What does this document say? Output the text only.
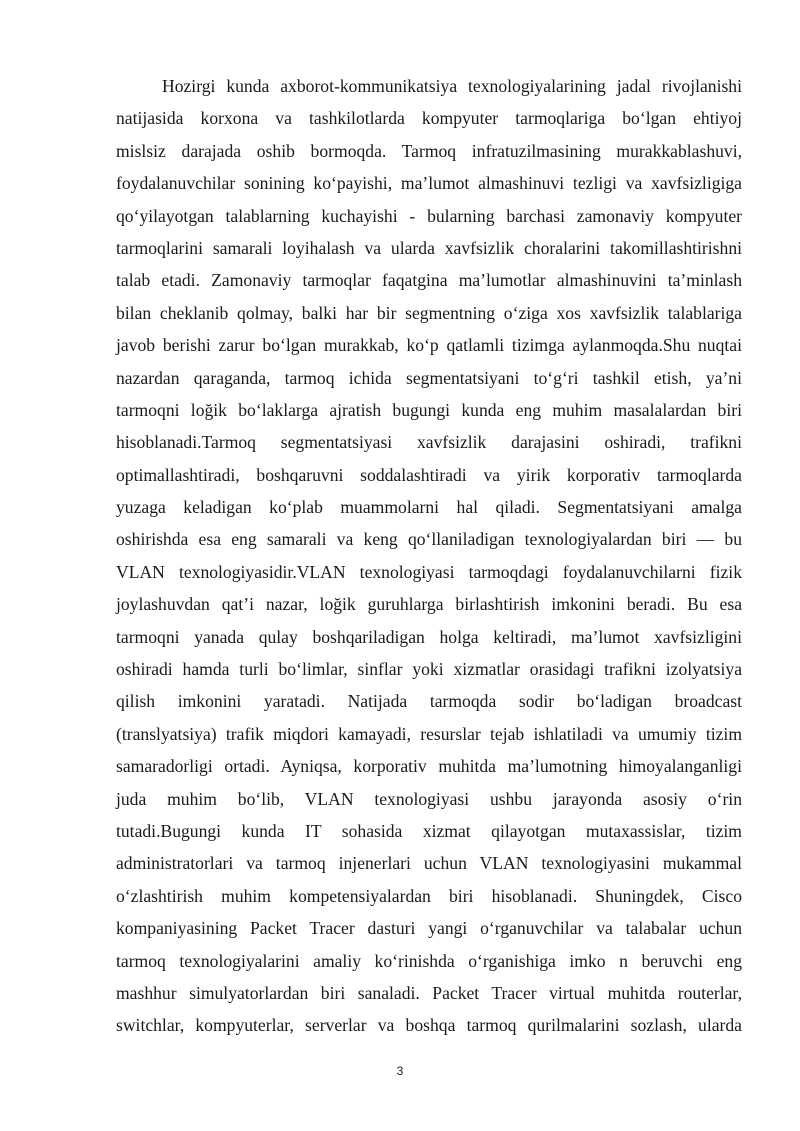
Hozirgi kunda axborot-kommunikatsiya texnologiyalarining jadal rivojlanishi
natijasida korxona va tashkilotlarda kompyuter tarmoqlariga bo‘lgan ehtiyoj
mislsiz darajada oshib bormoqda. Tarmoq infratuzilmasining murakkablashuvi,
foydalanuvchilar sonining ko‘payishi, ma’lumot almashinuvi tezligi va xavfsizligiga
qo‘yilayotgan talablarning kuchayishi - bularning barchasi zamonaviy kompyuter
tarmoqlarini samarali loyihalash va ularda xavfsizlik choralarini takomillashtirishni
talab etadi. Zamonaviy tarmoqlar faqatgina ma’lumotlar almashinuvini ta’minlash
bilan cheklanib qolmay, balki har bir segmentning o‘ziga xos xavfsizlik talablariga
javob berishi zarur bo‘lgan murakkab, ko‘p qatlamli tizimga aylanmoqda.Shu nuqtai
nazardan qaraganda, tarmoq ichida segmentatsiyani to‘g‘ri tashkil etish, ya’ni
tarmoqni loğik bo‘laklarga ajratish bugungi kunda eng muhim masalalardan biri
hisoblanadi.Tarmoq segmentatsiyasi xavfsizlik darajasini oshiradi, trafikni
optimallashtiradi, boshqaruvni soddalashtiradi va yirik korporativ tarmoqlarda
yuzaga keladigan ko‘plab muammolarni hal qiladi. Segmentatsiyani amalga
oshirishda esa eng samarali va keng qo‘llaniladigan texnologiyalardan biri — bu
VLAN texnologiyasidir.VLAN texnologiyasi tarmoqdagi foydalanuvchilarni fizik
joylashuvdan qat’i nazar, loğik guruhlarga birlashtirish imkonini beradi. Bu esa
tarmoqni yanada qulay boshqariladigan holga keltiradi, ma’lumot xavfsizligini
oshiradi hamda turli bo‘limlar, sinflar yoki xizmatlar orasidagi trafikni izolyatsiya
qilish imkonini yaratadi. Natijada tarmoqda sodir bo‘ladigan broadcast
(translyatsiya) trafik miqdori kamayadi, resurslar tejab ishlatiladi va umumiy tizim
samaradorligi ortadi. Ayniqsa, korporativ muhitda ma’lumotning himoyalanganligi
juda muhim bo‘lib, VLAN texnologiyasi ushbu jarayonda asosiy o‘rin
tutadi.Bugungi kunda IT sohasida xizmat qilayotgan mutaxassislar, tizim
administratorlari va tarmoq injenerlari uchun VLAN texnologiyasini mukammal
o‘zlashtirish muhim kompetensiyalardan biri hisoblanadi. Shuningdek, Cisco
kompaniyasining Packet Tracer dasturi yangi o‘rganuvchilar va talabalar uchun
tarmoq texnologiyalarini amaliy ko‘rinishda o‘rganishiga imko n beruvchi eng
mashhur simulyatorlardan biri sanaladi. Packet Tracer virtual muhitda routerlar,
switchlar, kompyuterlar, serverlar va boshqa tarmoq qurilmalarini sozlash, ularda

3
